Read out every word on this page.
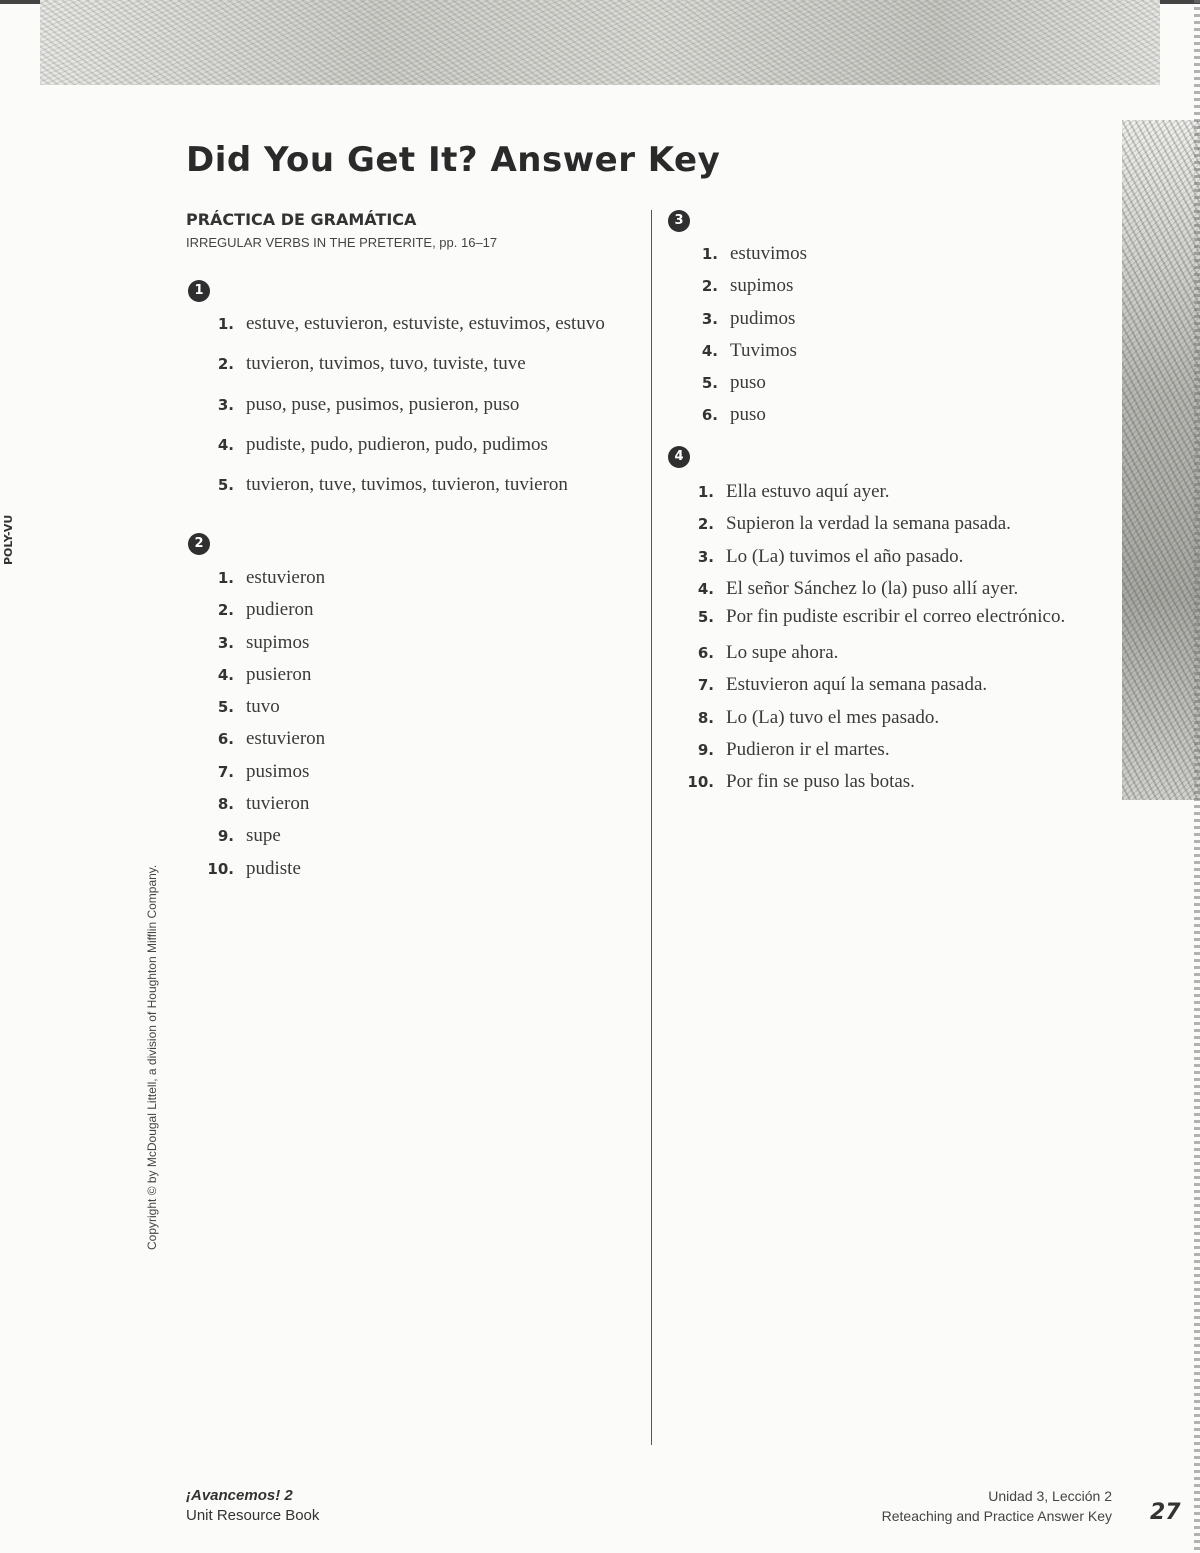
POLY-VU
Did You Get It? Answer Key
PRÁCTICA DE GRAMÁTICA
IRREGULAR VERBS IN THE PRETERITE, pp. 16–17
1
1. estuve, estuvieron, estuviste, estuvimos, estuvo
2. tuvieron, tuvimos, tuvo, tuviste, tuve
3. puso, puse, pusimos, pusieron, puso
4. pudiste, pudo, pudieron, pudo, pudimos
5. tuvieron, tuve, tuvimos, tuvieron, tuvieron
2
1. estuvieron
2. pudieron
3. supimos
4. pusieron
5. tuvo
6. estuvieron
7. pusimos
8. tuvieron
9. supe
10. pudiste
3
1. estuvimos
2. supimos
3. pudimos
4. Tuvimos
5. puso
6. puso
4
1. Ella estuvo aquí ayer.
2. Supieron la verdad la semana pasada.
3. Lo (La) tuvimos el año pasado.
4. El señor Sánchez lo (la) puso allí ayer.
5. Por fin pudiste escribir el correo electrónico.
6. Lo supe ahora.
7. Estuvieron aquí la semana pasada.
8. Lo (La) tuvo el mes pasado.
9. Pudieron ir el martes.
10. Por fin se puso las botas.
Copyright © by McDougal Littell, a division of Houghton Mifflin Company.
¡Avancemos! 2
Unit Resource Book
Unidad 3, Lección 2
Reteaching and Practice Answer Key 27
